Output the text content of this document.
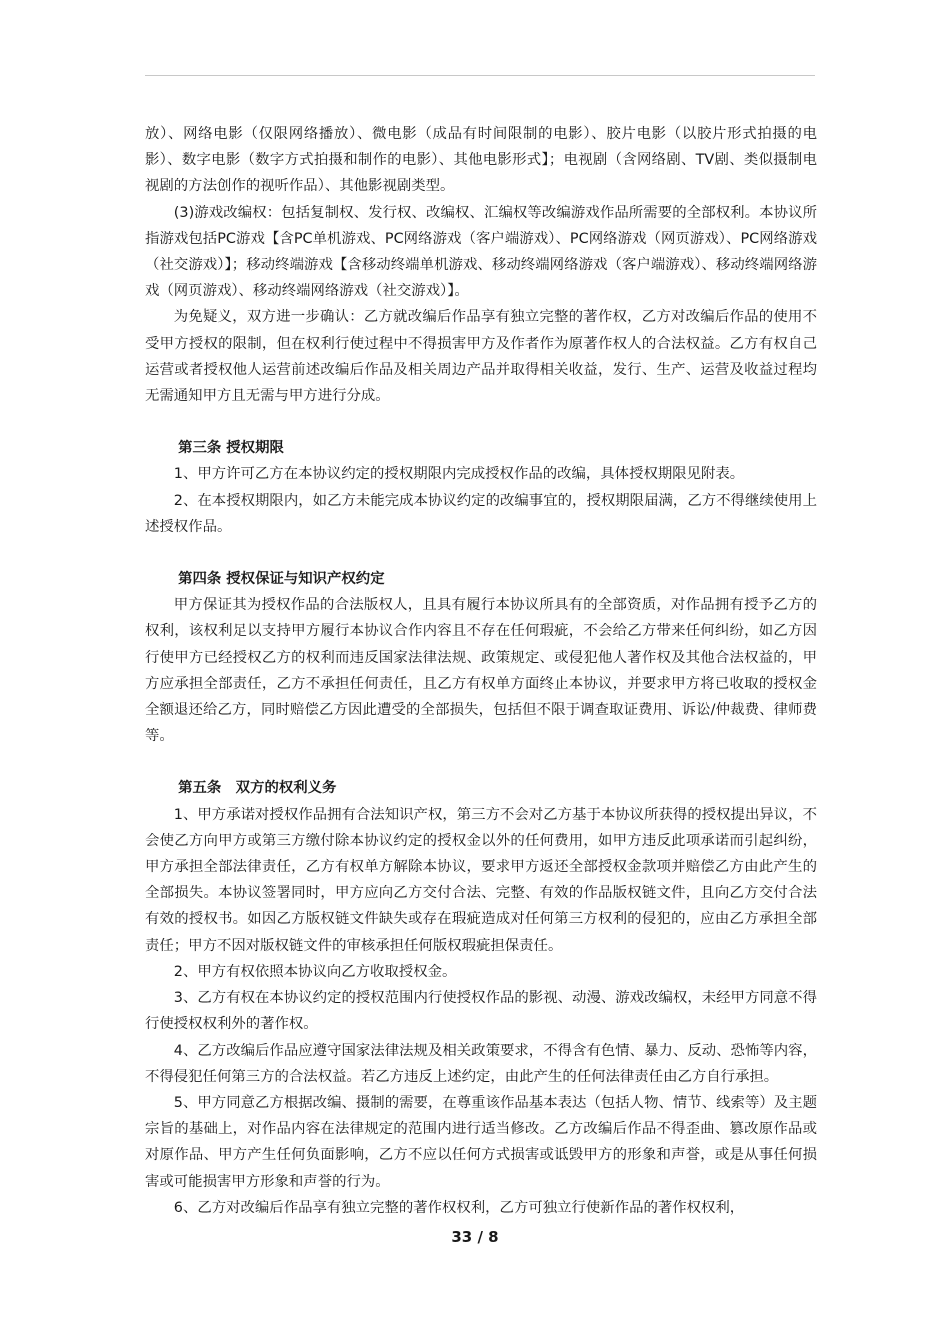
放）、网络电影（仅限网络播放）、微电影（成品有时间限制的电影）、胶片电影（以胶片形式拍摄的电影）、数字电影（数字方式拍摄和制作的电影）、其他电影形式】；电视剧（含网络剧、TV剧、类似摄制电视剧的方法创作的视听作品）、其他影视剧类型。

(3)游戏改编权：包括复制权、发行权、改编权、汇编权等改编游戏作品所需要的全部权利。本协议所指游戏包括PC游戏【含PC单机游戏、PC网络游戏（客户端游戏）、PC网络游戏（网页游戏）、PC网络游戏（社交游戏）】；移动终端游戏【含移动终端单机游戏、移动终端网络游戏（客户端游戏）、移动终端网络游戏（网页游戏）、移动终端网络游戏（社交游戏）】。

为免疑义，双方进一步确认：乙方就改编后作品享有独立完整的著作权，乙方对改编后作品的使用不受甲方授权的限制，但在权利行使过程中不得损害甲方及作者作为原著作权人的合法权益。乙方有权自己运营或者授权他人运营前述改编后作品及相关周边产品并取得相关收益，发行、生产、运营及收益过程均无需通知甲方且无需与甲方进行分成。

第三条 授权期限

1、甲方许可乙方在本协议约定的授权期限内完成授权作品的改编，具体授权期限见附表。

2、在本授权期限内，如乙方未能完成本协议约定的改编事宜的，授权期限届满，乙方不得继续使用上述授权作品。

第四条 授权保证与知识产权约定

甲方保证其为授权作品的合法版权人，且具有履行本协议所具有的全部资质，对作品拥有授予乙方的权利，该权利足以支持甲方履行本协议合作内容且不存在任何瑕疵，不会给乙方带来任何纠纷，如乙方因行使甲方已经授权乙方的权利而违反国家法律法规、政策规定、或侵犯他人著作权及其他合法权益的，甲方应承担全部责任，乙方不承担任何责任，且乙方有权单方面终止本协议，并要求甲方将已收取的授权金全额退还给乙方，同时赔偿乙方因此遭受的全部损失，包括但不限于调查取证费用、诉讼/仲裁费、律师费等。

第五条　双方的权利义务

1、甲方承诺对授权作品拥有合法知识产权，第三方不会对乙方基于本协议所获得的授权提出异议，不会使乙方向甲方或第三方缴付除本协议约定的授权金以外的任何费用，如甲方违反此项承诺而引起纠纷，甲方承担全部法律责任，乙方有权单方解除本协议，要求甲方返还全部授权金款项并赔偿乙方由此产生的全部损失。本协议签署同时，甲方应向乙方交付合法、完整、有效的作品版权链文件，且向乙方交付合法有效的授权书。如因乙方版权链文件缺失或存在瑕疵造成对任何第三方权利的侵犯的，应由乙方承担全部责任；甲方不因对版权链文件的审核承担任何版权瑕疵担保责任。

2、甲方有权依照本协议向乙方收取授权金。

3、乙方有权在本协议约定的授权范围内行使授权作品的影视、动漫、游戏改编权，未经甲方同意不得行使授权权利外的著作权。

4、乙方改编后作品应遵守国家法律法规及相关政策要求，不得含有色情、暴力、反动、恐怖等内容，不得侵犯任何第三方的合法权益。若乙方违反上述约定，由此产生的任何法律责任由乙方自行承担。

5、甲方同意乙方根据改编、摄制的需要，在尊重该作品基本表达（包括人物、情节、线索等）及主题宗旨的基础上，对作品内容在法律规定的范围内进行适当修改。乙方改编后作品不得歪曲、篡改原作品或对原作品、甲方产生任何负面影响，乙方不应以任何方式损害或诋毁甲方的形象和声誉，或是从事任何损害或可能损害甲方形象和声誉的行为。

6、乙方对改编后作品享有独立完整的著作权权利，乙方可独立行使新作品的著作权权利，

33 / 8
